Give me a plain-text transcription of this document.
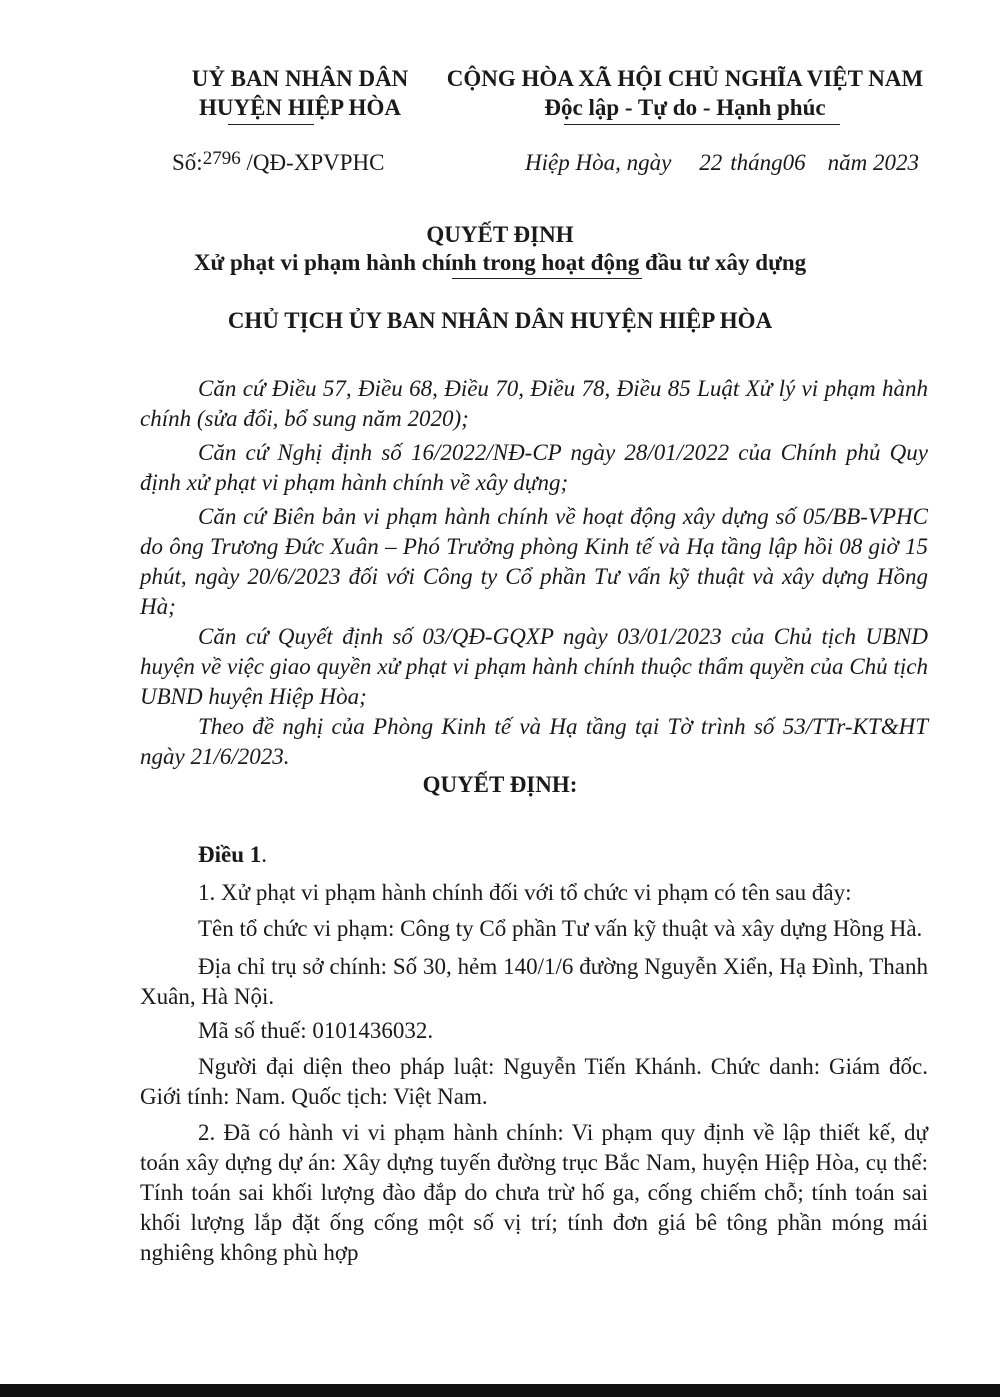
UỶ BAN NHÂN DÂN
HUYỆN HIỆP HÒA
CỘNG HÒA XÃ HỘI CHỦ NGHĨA VIỆT NAM
Độc lập - Tự do - Hạnh phúc
Số:$^{2796}$ /QĐ-XPVPHC	Hiệp Hòa, ngày 22 tháng06 năm 2023
QUYẾT ĐỊNH
Xử phạt vi phạm hành chính trong hoạt động đầu tư xây dựng
CHỦ TỊCH ỦY BAN NHÂN DÂN HUYỆN HIỆP HÒA
Căn cứ Điều 57, Điều 68, Điều 70, Điều 78, Điều 85 Luật Xử lý vi phạm hành chính (sửa đổi, bổ sung năm 2020);
Căn cứ Nghị định số 16/2022/NĐ-CP ngày 28/01/2022 của Chính phủ Quy định xử phạt vi phạm hành chính về xây dựng;
Căn cứ Biên bản vi phạm hành chính về hoạt động xây dựng số 05/BB-VPHC do ông Trương Đức Xuân – Phó Trưởng phòng Kinh tế và Hạ tầng lập hồi 08 giờ 15 phút, ngày 20/6/2023 đối với Công ty Cổ phần Tư vấn kỹ thuật và xây dựng Hồng Hà;
Căn cứ Quyết định số 03/QĐ-GQXP ngày 03/01/2023 của Chủ tịch UBND huyện về việc giao quyền xử phạt vi phạm hành chính thuộc thẩm quyền của Chủ tịch UBND huyện Hiệp Hòa;
Theo đề nghị của Phòng Kinh tế và Hạ tầng tại Tờ trình số 53/TTr-KT&HT ngày 21/6/2023.
QUYẾT ĐỊNH:
Điều 1.
1. Xử phạt vi phạm hành chính đối với tổ chức vi phạm có tên sau đây:
Tên tổ chức vi phạm: Công ty Cổ phần Tư vấn kỹ thuật và xây dựng Hồng Hà.
Địa chỉ trụ sở chính: Số 30, hẻm 140/1/6 đường Nguyễn Xiển, Hạ Đình, Thanh Xuân, Hà Nội.
Mã số thuế: 0101436032.
Người đại diện theo pháp luật: Nguyễn Tiến Khánh. Chức danh: Giám đốc. Giới tính: Nam. Quốc tịch: Việt Nam.
2. Đã có hành vi vi phạm hành chính: Vi phạm quy định về lập thiết kế, dự toán xây dựng dự án: Xây dựng tuyến đường trục Bắc Nam, huyện Hiệp Hòa, cụ thể: Tính toán sai khối lượng đào đắp do chưa trừ hố ga, cống chiếm chỗ; tính toán sai khối lượng lắp đặt ống cống một số vị trí; tính đơn giá bê tông phần móng mái nghiêng không phù hợp
